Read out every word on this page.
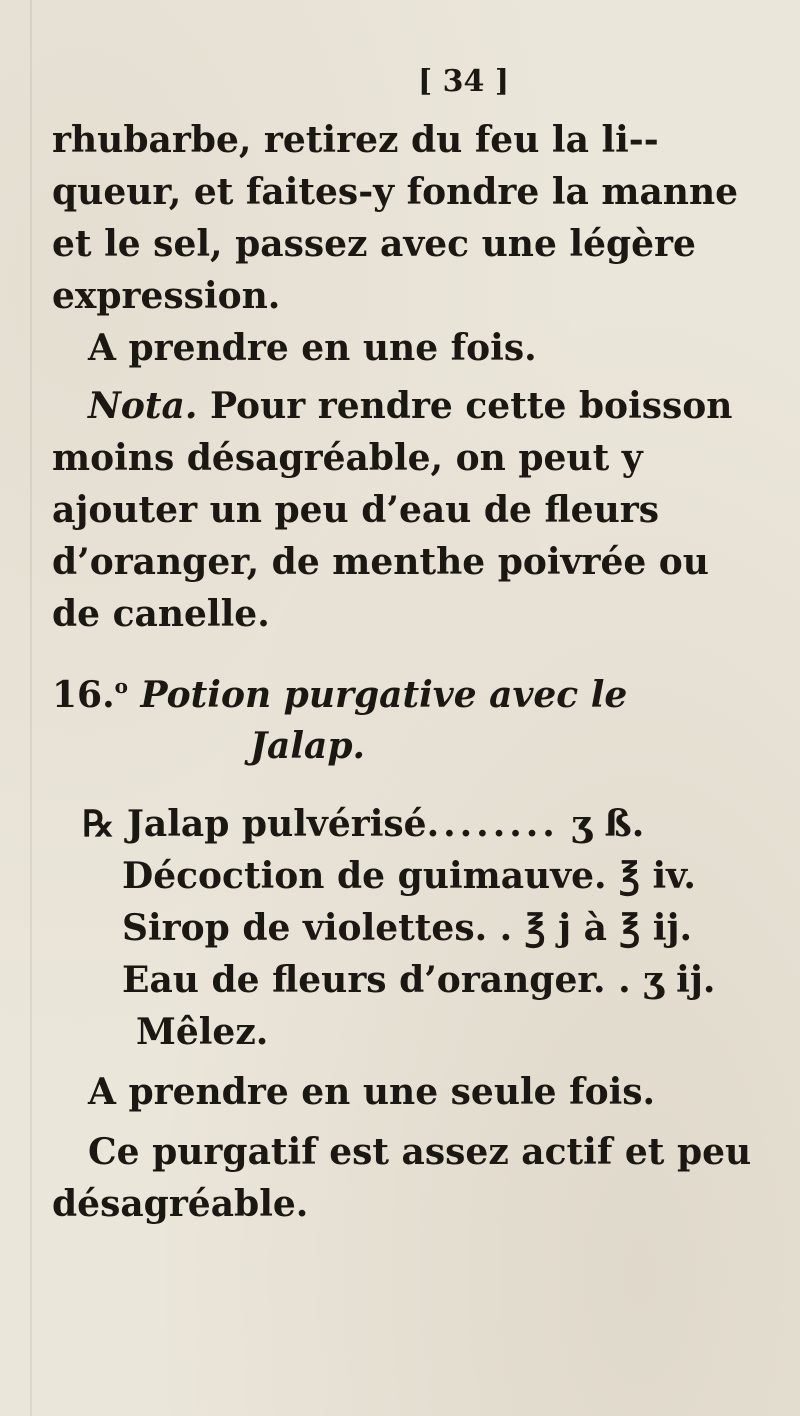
[ 34 ]
rhubarbe, retirez du feu la li--
queur, et faites-y fondre la manne
et le sel, passez avec une légère
expression.
A prendre en une fois.
Nota. Pour rendre cette boisson
moins désagréable, on peut y
ajouter un peu d’eau de fleurs
d’oranger, de menthe poivrée ou
de canelle.
16.$^o$ Potion purgative avec le
Jalap.
℞ Jalap pulvérisé........ ʒ ß.
Décoction de guimauve. ℥ iv.
Sirop de violettes. . ℥ j à ℥ ij.
Eau de fleurs d’oranger. . ʒ ij.
Mêlez.
A prendre en une seule fois.
Ce purgatif est assez actif et peu
désagréable.
